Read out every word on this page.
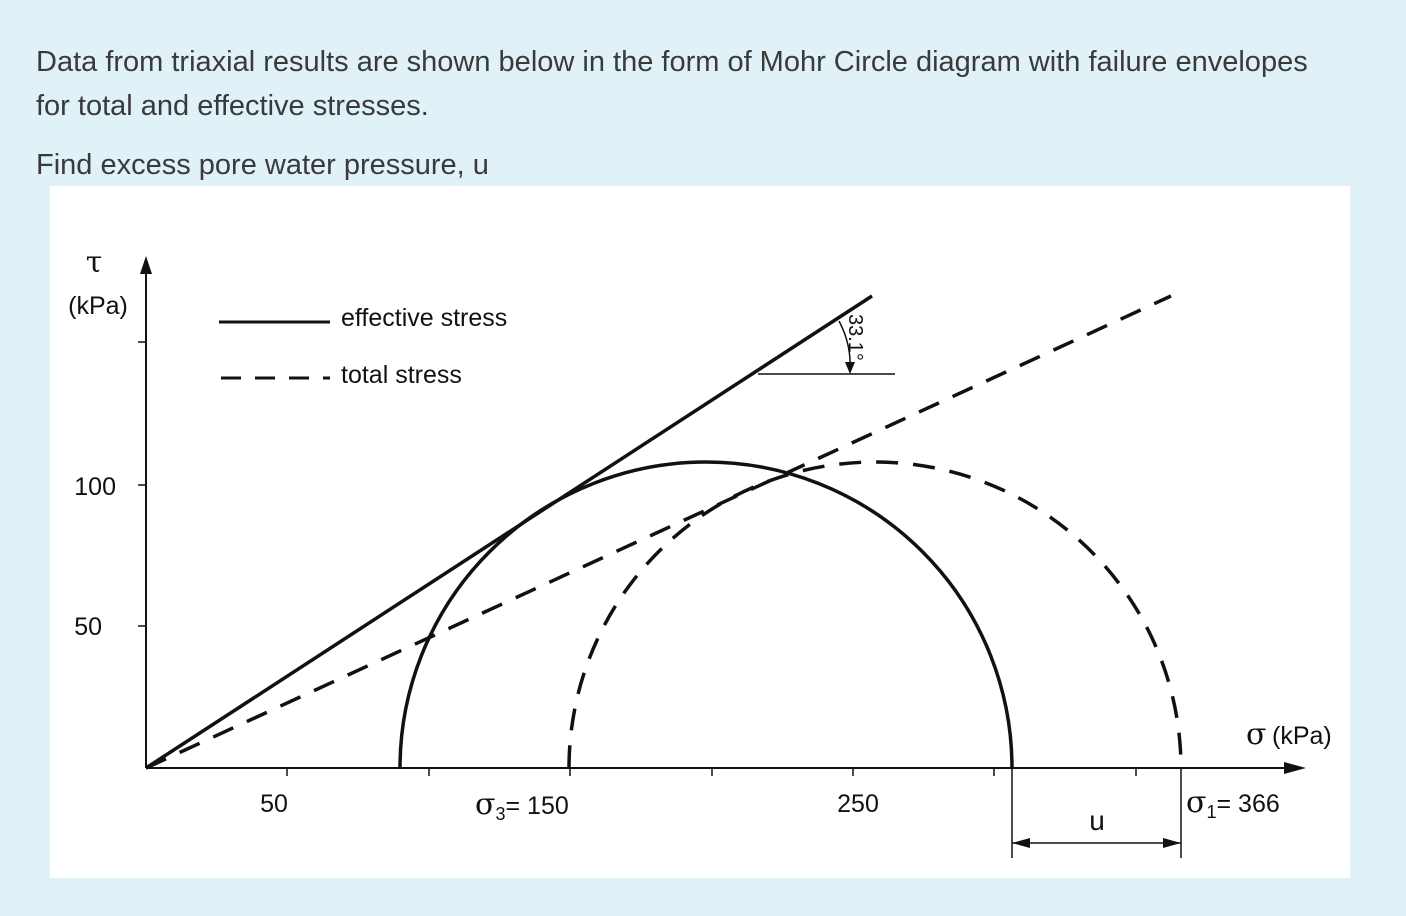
Data from triaxial results are shown below in the form of Mohr Circle diagram with failure envelopes

for total and effective stresses.

Find excess pore water pressure, u

τ
(kPa)
σ (kPa)
100
50
50	250
$\sigma_3= 150$	$\sigma_1= 366$
effective stress
total stress
33.1°
u
